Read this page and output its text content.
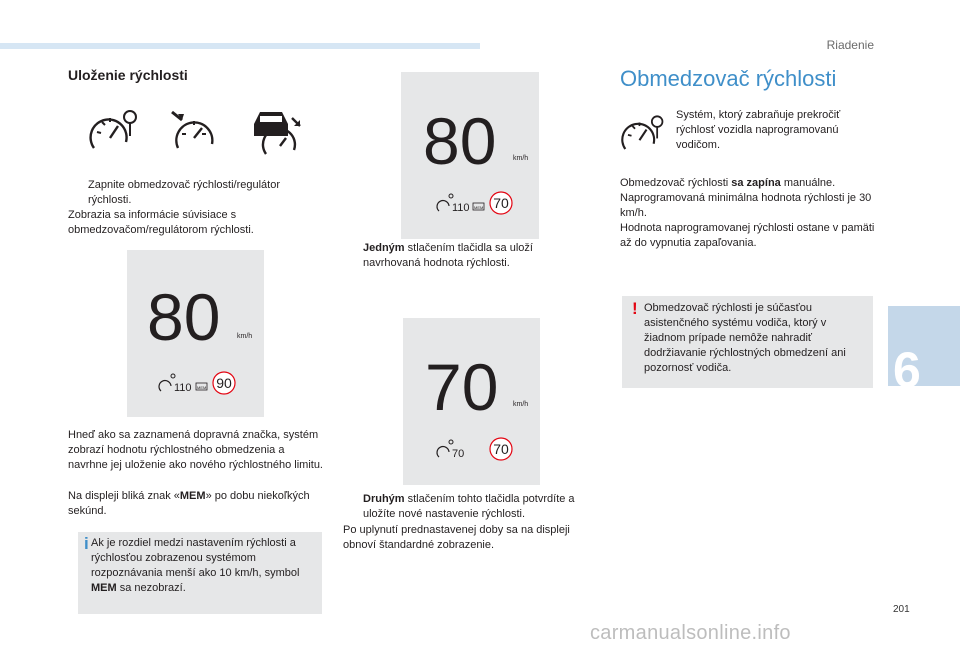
Riadenie
6
201
carmanualsonline.info
Uloženie rýchlosti
Zapnite obmedzovač rýchlosti/regulátor rýchlosti.
Zobrazia sa informácie súvisiace s obmedzovačom/regulátorom rýchlosti.
80 km/h
110 MEM 90
Hneď ako sa zaznamená dopravná značka, systém zobrazí hodnotu rýchlostného obmedzenia a navrhne jej uloženie ako nového rýchlostného limitu.
Na displeji bliká znak «MEM» po dobu niekoľkých sekúnd.
i Ak je rozdiel medzi nastavením rýchlosti a rýchlosťou zobrazenou systémom rozpoznávania menší ako 10 km/h, symbol MEM sa nezobrazí.
80 km/h
110 MEM 70
Jedným stlačením tlačidla sa uloží navrhovaná hodnota rýchlosti.
70 km/h
70 70
Druhým stlačením tohto tlačidla potvrdíte a uložíte nové nastavenie rýchlosti.
Po uplynutí prednastavenej doby sa na displeji obnoví štandardné zobrazenie.
Obmedzovač rýchlosti
Systém, ktorý zabraňuje prekročiť rýchlosť vozidla naprogramovanú vodičom.
Obmedzovač rýchlosti sa zapína manuálne.
Naprogramovaná minimálna hodnota rýchlosti je 30 km/h.
Hodnota naprogramovanej rýchlosti ostane v pamäti až do vypnutia zapaľovania.
! Obmedzovač rýchlosti je súčasťou asistenčného systému vodiča, ktorý v žiadnom prípade nemôže nahradiť dodržiavanie rýchlostných obmedzení ani pozornosť vodiča.
